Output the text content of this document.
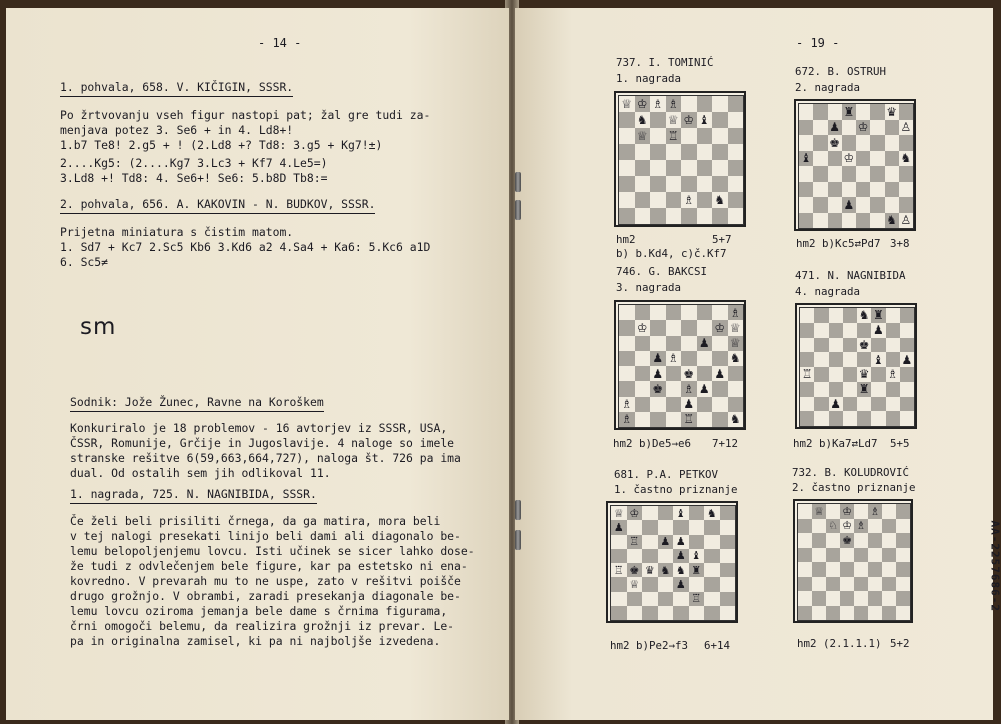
- 14 -
1. pohvala, 658. V. KIČIGIN, SSSR.
Po žrtvovanju vseh figur nastopi pat; žal gre tudi za-
menjava potez 3. Se6 + in 4. Ld8+!
1.b7 Te8! 2.g5 + ! (2.Ld8 +? Td8: 3.g5 + Kg7!±)
2....Kg5: (2....Kg7 3.Lc3 + Kf7 4.Le5=)
3.Ld8 +! Td8: 4. Se6+! Se6: 5.b8D Tb8:=
2. pohvala, 656. A. KAKOVIN - N. BUDKOV, SSSR.
Prijetna miniatura s čistim matom.
1. Sd7 + Kc7 2.Sc5 Kb6 3.Kd6 a2 4.Sa4 + Ka6: 5.Kc6 a1D
6. Sc5≠
sm
Sodnik: Jože Žunec, Ravne na Koroškem
Konkuriralo je 18 problemov - 16 avtorjev iz SSSR, USA,
ČSSR, Romunije, Grčije in Jugoslavije. 4 naloge so imele
stranske rešitve 6(59,663,664,727), naloga št. 726 pa ima
dual. Od ostalih sem jih odlikoval 11.
1. nagrada, 725. N. NAGNIBIDA, SSSR.
Če želi beli prisiliti črnega, da ga matira, mora beli
v tej nalogi presekati linijo beli dami ali diagonalo be-
lemu belopoljenjemu lovcu. Isti učinek se sicer lahko dose-
že tudi z odvlečenjem bele figure, kar pa estetsko ni ena-
kovredno. V prevarah mu to ne uspe, zato v rešitvi poišče
drugo grožnjo. V obrambi, zaradi presekanja diagonale be-
lemu lovcu oziroma jemanja bele dame s črnima figurama,
črni omogoči belemu, da realizira grožnji iz prevar. Le-
pa in originalna zamisel, ki pa ni najboljše izvedena.
- 19 -
737. I. TOMINIĆ
1. nagrada
♕ ♔ ♗ ♗
♞ ♕ ♔ ♝
♕ ♖
♗ ♞
hm2	5+7
b) b.Kd4, c)č.Kf7
672. B. OSTRUH
2. nagrada
♜	♛
♟ ♔	♙
♚
♝	♔	♞
♟
♞ ♙
hm2 b)Kc5⇄Pd7 3+8
746. G. BAKCSI
3. nagrada
♗
♔	♔ ♕
♟ ♕
♟ ♗	♞
♟ ♚ ♟
♚ ♗ ♟
♗	♟
♗	♖	♞
hm2 b)De5→e6 7+12
471. N. NAGNIBIDA
4. nagrada
♞ ♜
♟
♚
♝ ♟
♖	♛ ♗
♜
♟
hm2 b)Ka7⇄Ld7 5+5
681. P.A. PETKOV
1. častno priznanje
♕ ♔	♝ ♞
♟
♖ ♟ ♟
♟ ♝
♖ ♚ ♛ ♞ ♞ ♜
♕	♟
♖
hm2 b)Pe2→f3 6+14
732. B. KOLUDROVIĆ
2. častno priznanje
♕ ♔ ♗
♘ ♔ ♗
♚
hm2 (2.1.1.1) 5+2
AA-2257686-2
